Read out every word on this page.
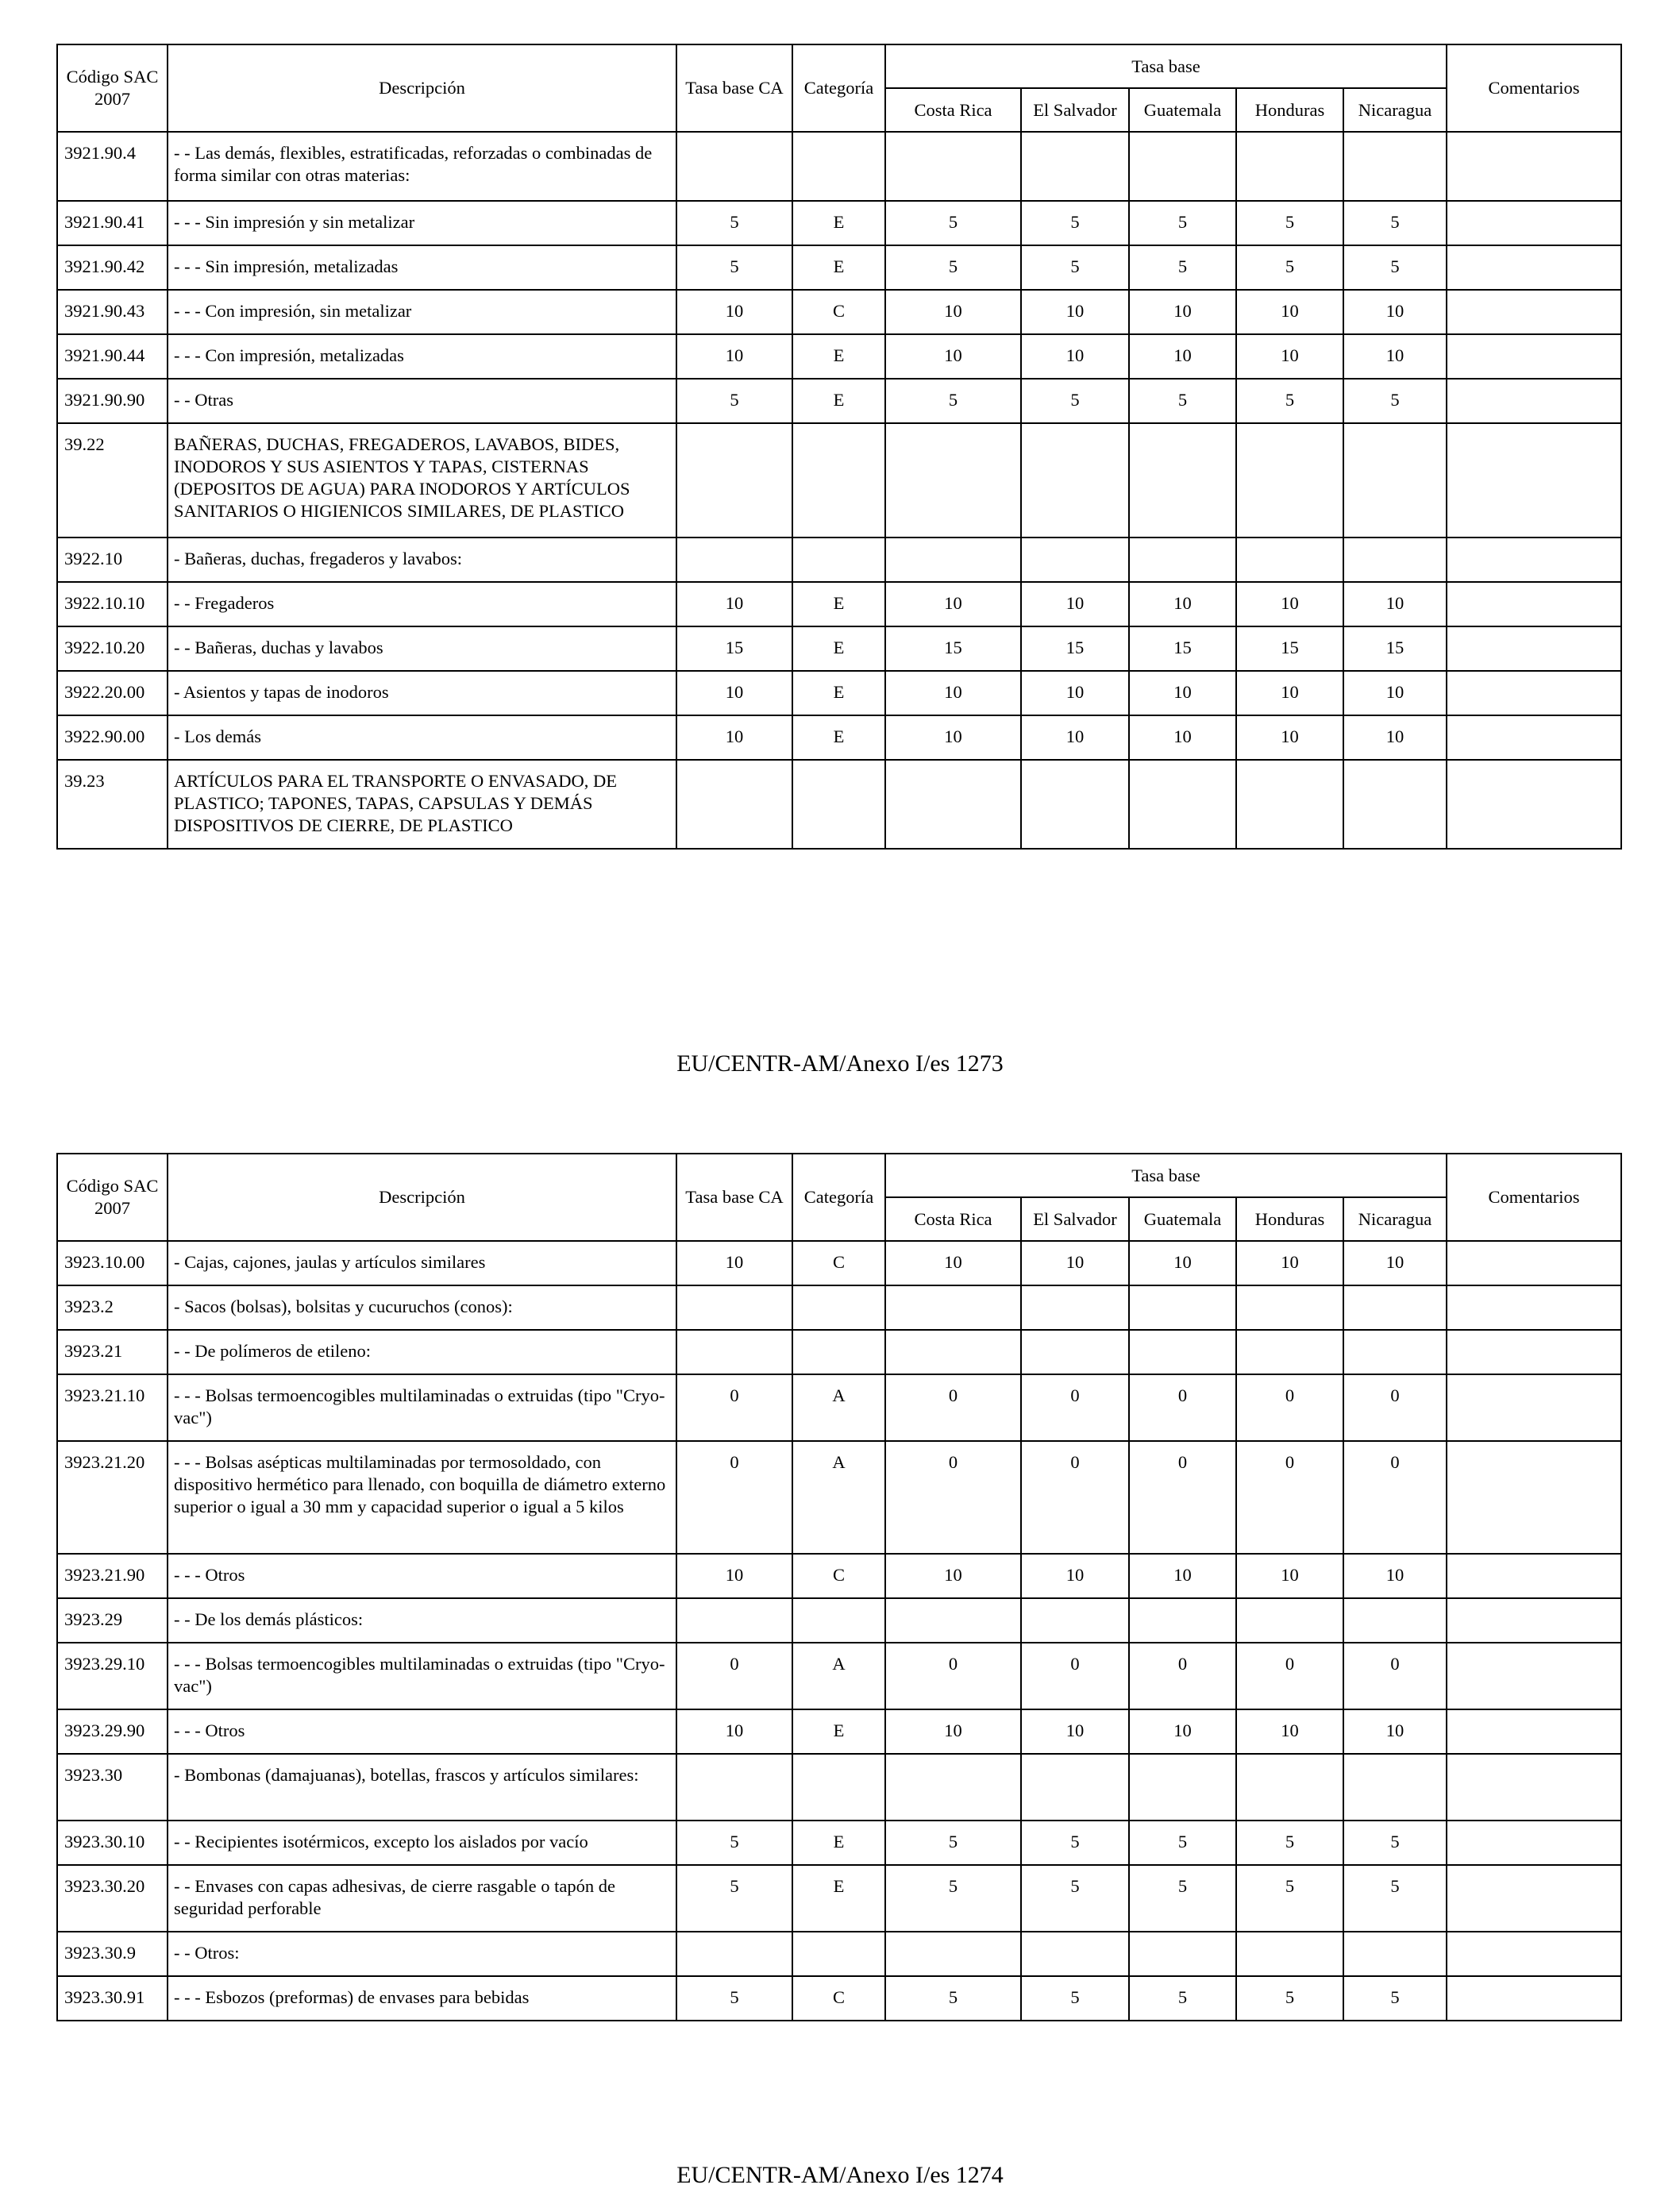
Código SAC 2007	Descripción	Tasa base CA	Categoría	Tasa base					Comentarios
				Costa Rica	El Salvador	Guatemala	Honduras	Nicaragua	
3921.90.4	- - Las demás, flexibles, estratificadas, reforzadas o combinadas de forma similar con otras materias:								
3921.90.41	- - - Sin impresión y sin metalizar	5	E	5	5	5	5	5	
3921.90.42	- - - Sin impresión, metalizadas	5	E	5	5	5	5	5	
3921.90.43	- - - Con impresión, sin metalizar	10	C	10	10	10	10	10	
3921.90.44	- - - Con impresión, metalizadas	10	E	10	10	10	10	10	
3921.90.90	- - Otras	5	E	5	5	5	5	5	
39.22	BAÑERAS, DUCHAS, FREGADEROS, LAVABOS, BIDES, INODOROS Y SUS ASIENTOS Y TAPAS, CISTERNAS (DEPOSITOS DE AGUA) PARA INODOROS Y ARTÍCULOS SANITARIOS O HIGIENICOS SIMILARES, DE PLASTICO								
3922.10	- Bañeras, duchas, fregaderos y lavabos:								
3922.10.10	- - Fregaderos	10	E	10	10	10	10	10	
3922.10.20	- - Bañeras, duchas y lavabos	15	E	15	15	15	15	15	
3922.20.00	- Asientos y tapas de inodoros	10	E	10	10	10	10	10	
3922.90.00	- Los demás	10	E	10	10	10	10	10	
39.23	ARTÍCULOS PARA EL TRANSPORTE O ENVASADO, DE PLASTICO; TAPONES, TAPAS, CAPSULAS Y DEMÁS DISPOSITIVOS DE CIERRE, DE PLASTICO								
EU/CENTR-AM/Anexo I/es 1273
Código SAC 2007	Descripción	Tasa base CA	Categoría	Tasa base					Comentarios
				Costa Rica	El Salvador	Guatemala	Honduras	Nicaragua	
3923.10.00	- Cajas, cajones, jaulas y artículos similares	10	C	10	10	10	10	10	
3923.2	- Sacos (bolsas), bolsitas y cucuruchos (conos):								
3923.21	- - De polímeros de etileno:								
3923.21.10	- - - Bolsas termoencogibles multilaminadas o extruidas (tipo "Cryo-vac")	0	A	0	0	0	0	0	
3923.21.20	- - - Bolsas asépticas multilaminadas por termosoldado, con dispositivo hermético para llenado, con boquilla de diámetro externo superior o igual a 30 mm y capacidad superior o igual a 5 kilos	0	A	0	0	0	0	0	
3923.21.90	- - - Otros	10	C	10	10	10	10	10	
3923.29	- - De los demás plásticos:								
3923.29.10	- - - Bolsas termoencogibles multilaminadas o extruidas (tipo "Cryo-vac")	0	A	0	0	0	0	0	
3923.29.90	- - - Otros	10	E	10	10	10	10	10	
3923.30	- Bombonas (damajuanas), botellas, frascos y artículos similares:								
3923.30.10	- - Recipientes isotérmicos, excepto los aislados por vacío	5	E	5	5	5	5	5	
3923.30.20	- - Envases con capas adhesivas, de cierre rasgable o tapón de seguridad perforable	5	E	5	5	5	5	5	
3923.30.9	- - Otros:								
3923.30.91	- - - Esbozos (preformas) de envases para bebidas	5	C	5	5	5	5	5	
EU/CENTR-AM/Anexo I/es 1274
